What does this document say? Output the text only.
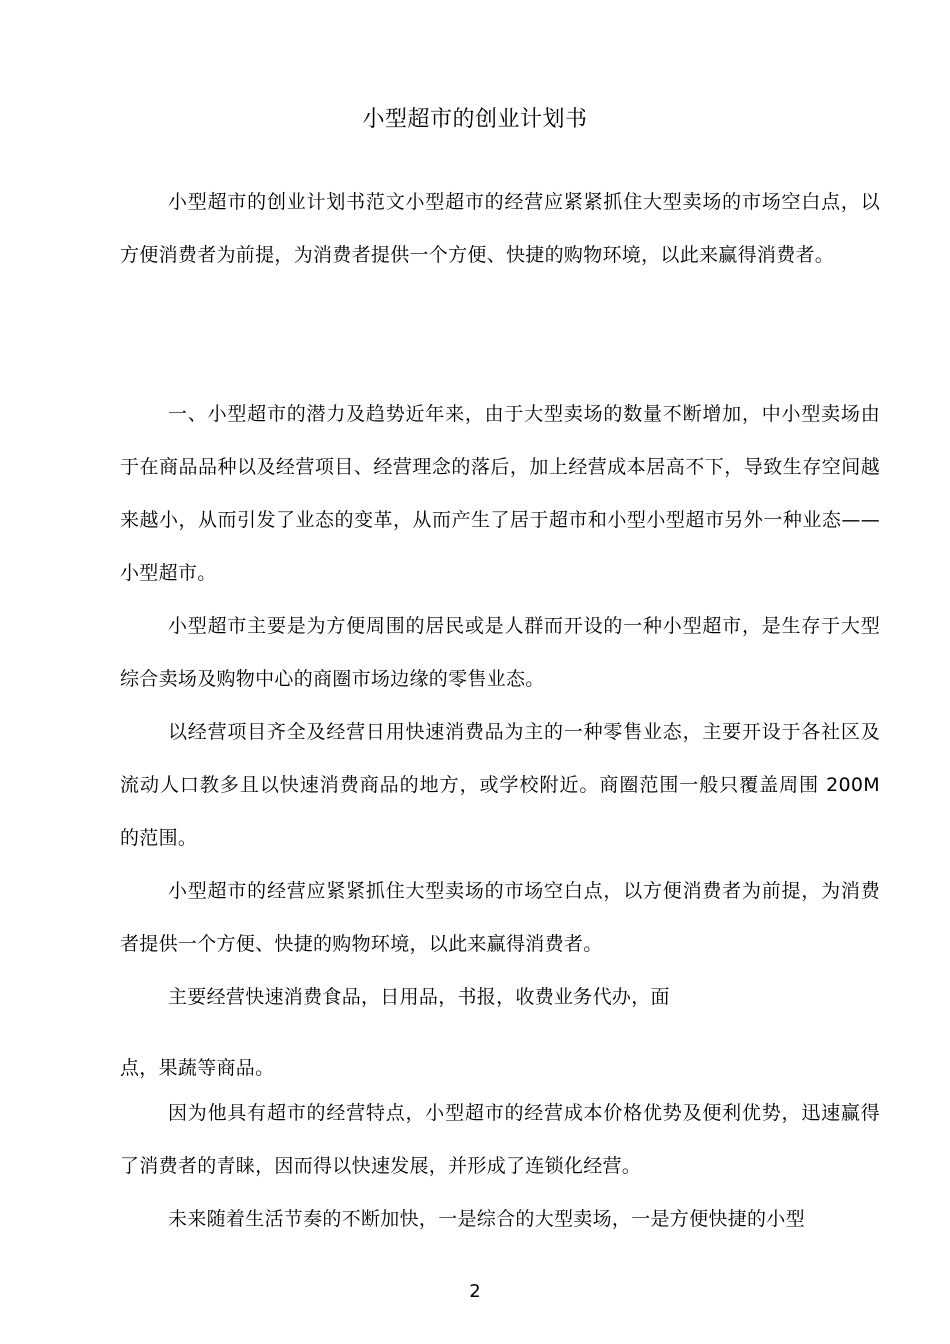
小型超市的创业计划书

小型超市的创业计划书范文小型超市的经营应紧紧抓住大型卖场的市场空白点，以方便消费者为前提，为消费者提供一个方便、快捷的购物环境，以此来赢得消费者。

一、小型超市的潜力及趋势近年来，由于大型卖场的数量不断增加，中小型卖场由于在商品品种以及经营项目、经营理念的落后，加上经营成本居高不下，导致生存空间越来越小，从而引发了业态的变革，从而产生了居于超市和小型小型超市另外一种业态——小型超市。

小型超市主要是为方便周围的居民或是人群而开设的一种小型超市，是生存于大型综合卖场及购物中心的商圈市场边缘的零售业态。

以经营项目齐全及经营日用快速消费品为主的一种零售业态，主要开设于各社区及流动人口教多且以快速消费商品的地方，或学校附近。商圈范围一般只覆盖周围 200M 的范围。

小型超市的经营应紧紧抓住大型卖场的市场空白点，以方便消费者为前提，为消费者提供一个方便、快捷的购物环境，以此来赢得消费者。

主要经营快速消费食品，日用品，书报，收费业务代办，面

点，果蔬等商品。

因为他具有超市的经营特点，小型超市的经营成本价格优势及便利优势，迅速赢得了消费者的青睐，因而得以快速发展，并形成了连锁化经营。

未来随着生活节奏的不断加快，一是综合的大型卖场，一是方便快捷的小型

2
